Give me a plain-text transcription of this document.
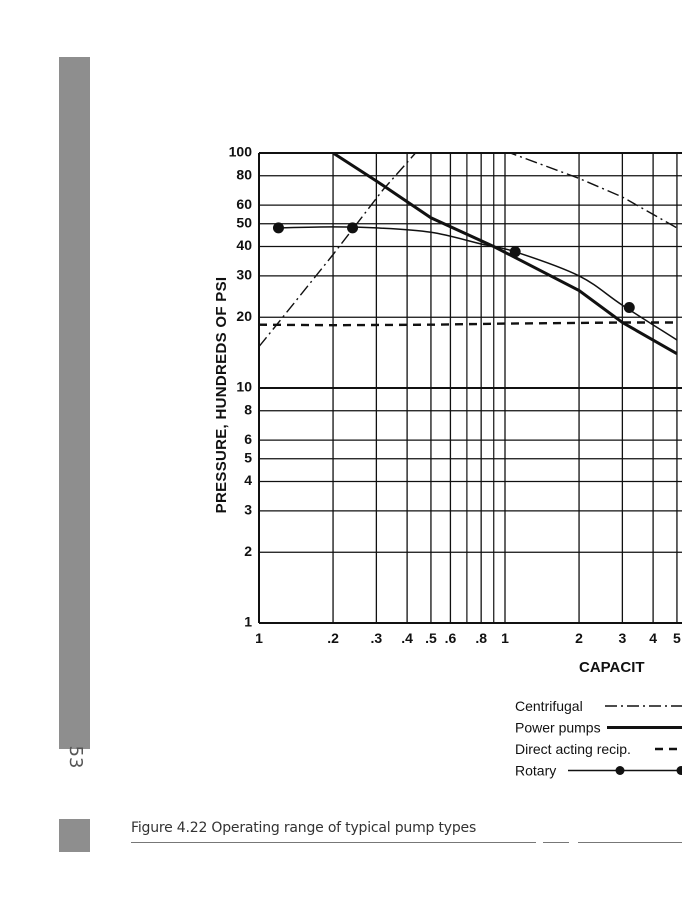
53
1
2
3
4
5
6
8
10
20
30
40
50
60
80
100
1	.2 .3 .4 .5 .6 .8 1	2	3 4 5
PRESSURE, HUNDREDS OF PSI
CAPACIT
Centrifugal
Power pumps
Direct acting recip.
Rotary
Figure 4.22 Operating range of typical pump types
